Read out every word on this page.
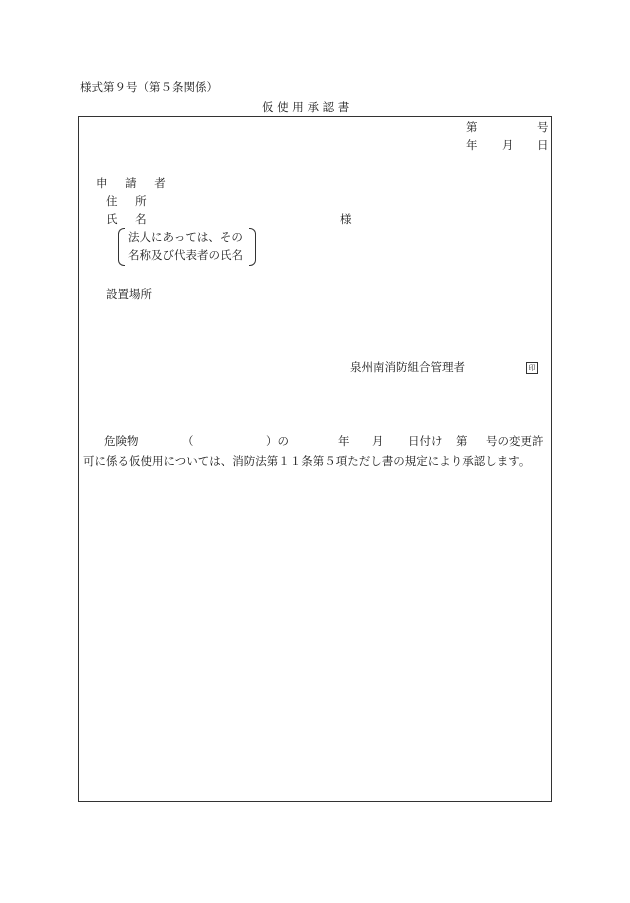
様式第９号（第５条関係）
仮 使 用 承 認 書
第	号
年 月 日
申 請 者
住 所
氏 名	様
法人にあっては、その
名称及び代表者の氏名
設置場所
泉州南消防組合管理者	印
危険物	（	）の	年 月 日付け 第 号の変更許
可に係る仮使用については、消防法第１１条第５項ただし書の規定により承認します。
